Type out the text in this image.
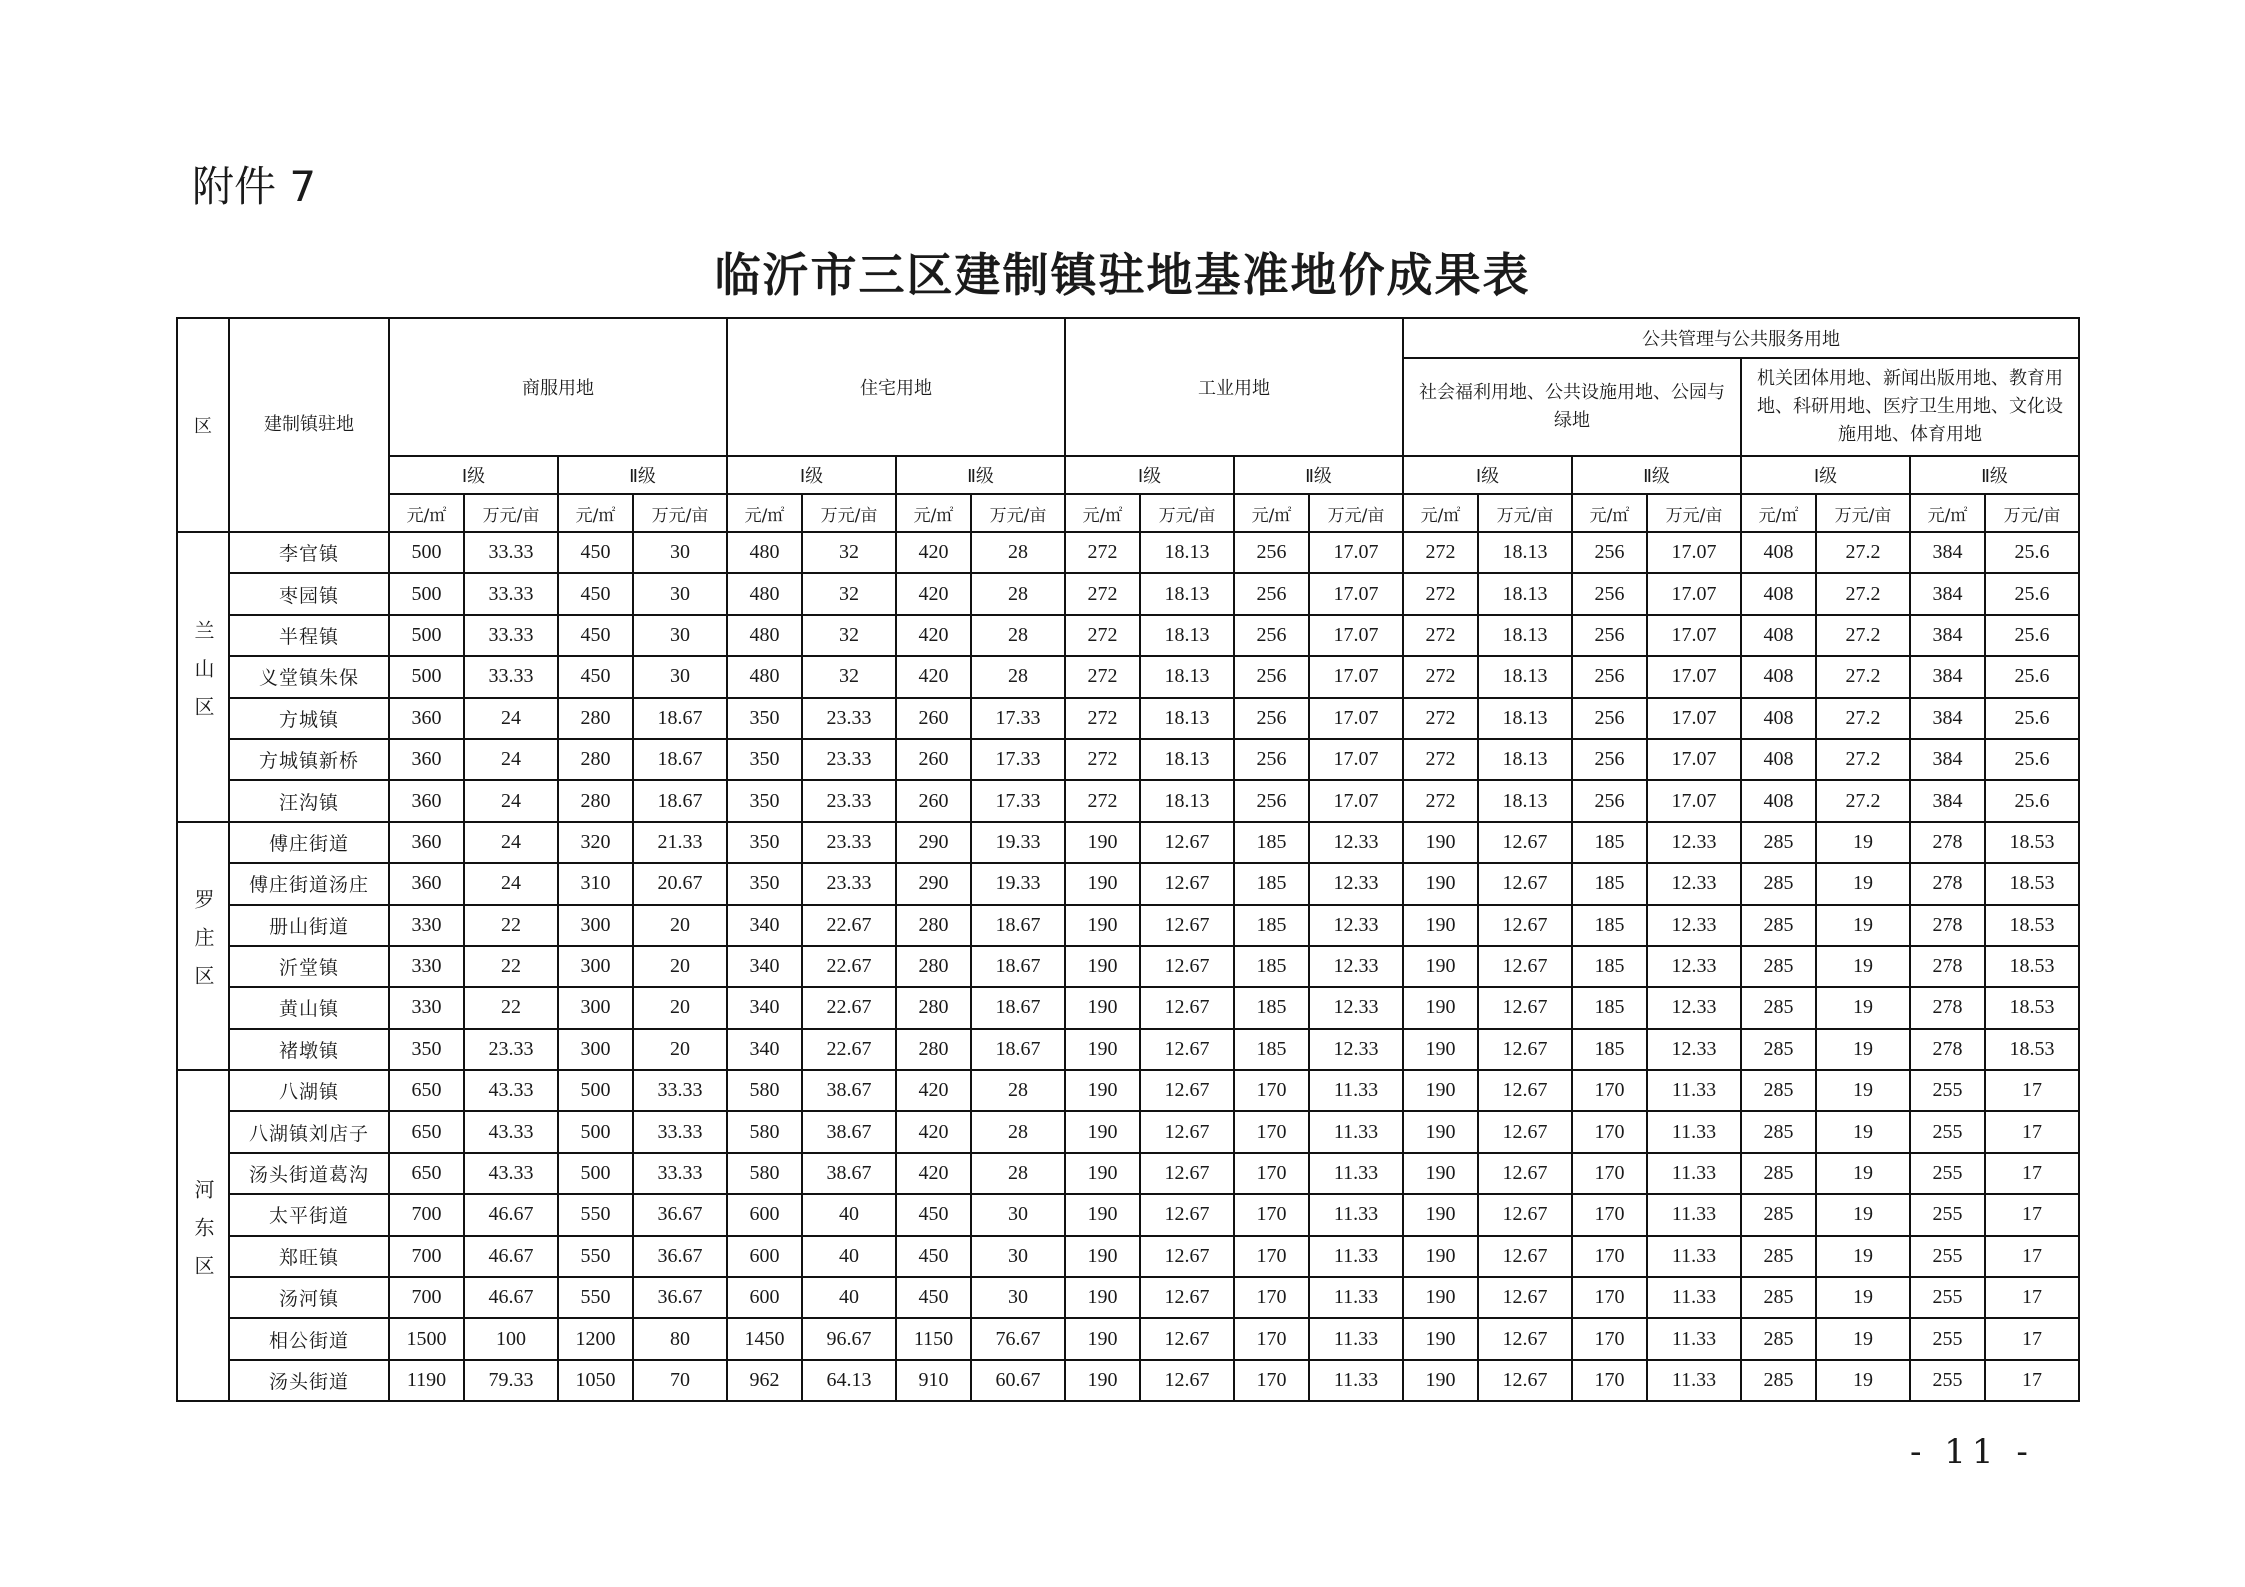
附件 7
临沂市三区建制镇驻地基准地价成果表
区	建制镇驻地	商服用地				住宅用地				工业用地				公共管理与公共服务用地							
														社会福利用地、公共设施用地、公园与绿地				机关团体用地、新闻出版用地、教育用地、科研用地、医疗卫生用地、文化设施用地、体育用地			
		Ⅰ级		Ⅱ级		Ⅰ级		Ⅱ级		Ⅰ级		Ⅱ级		Ⅰ级		Ⅱ级		Ⅰ级		Ⅱ级	
		元/㎡	万元/亩	元/㎡	万元/亩	元/㎡	万元/亩	元/㎡	万元/亩	元/㎡	万元/亩	元/㎡	万元/亩	元/㎡	万元/亩	元/㎡	万元/亩	元/㎡	万元/亩	元/㎡	万元/亩
兰山区	李官镇	500	33.33	450	30	480	32	420	28	272	18.13	256	17.07	272	18.13	256	17.07	408	27.2	384	25.6
	枣园镇	500	33.33	450	30	480	32	420	28	272	18.13	256	17.07	272	18.13	256	17.07	408	27.2	384	25.6
	半程镇	500	33.33	450	30	480	32	420	28	272	18.13	256	17.07	272	18.13	256	17.07	408	27.2	384	25.6
	义堂镇朱保	500	33.33	450	30	480	32	420	28	272	18.13	256	17.07	272	18.13	256	17.07	408	27.2	384	25.6
	方城镇	360	24	280	18.67	350	23.33	260	17.33	272	18.13	256	17.07	272	18.13	256	17.07	408	27.2	384	25.6
	方城镇新桥	360	24	280	18.67	350	23.33	260	17.33	272	18.13	256	17.07	272	18.13	256	17.07	408	27.2	384	25.6
	汪沟镇	360	24	280	18.67	350	23.33	260	17.33	272	18.13	256	17.07	272	18.13	256	17.07	408	27.2	384	25.6
罗庄区	傅庄街道	360	24	320	21.33	350	23.33	290	19.33	190	12.67	185	12.33	190	12.67	185	12.33	285	19	278	18.53
	傅庄街道汤庄	360	24	310	20.67	350	23.33	290	19.33	190	12.67	185	12.33	190	12.67	185	12.33	285	19	278	18.53
	册山街道	330	22	300	20	340	22.67	280	18.67	190	12.67	185	12.33	190	12.67	185	12.33	285	19	278	18.53
	沂堂镇	330	22	300	20	340	22.67	280	18.67	190	12.67	185	12.33	190	12.67	185	12.33	285	19	278	18.53
	黄山镇	330	22	300	20	340	22.67	280	18.67	190	12.67	185	12.33	190	12.67	185	12.33	285	19	278	18.53
	褚墩镇	350	23.33	300	20	340	22.67	280	18.67	190	12.67	185	12.33	190	12.67	185	12.33	285	19	278	18.53
河东区	八湖镇	650	43.33	500	33.33	580	38.67	420	28	190	12.67	170	11.33	190	12.67	170	11.33	285	19	255	17
	八湖镇刘店子	650	43.33	500	33.33	580	38.67	420	28	190	12.67	170	11.33	190	12.67	170	11.33	285	19	255	17
	汤头街道葛沟	650	43.33	500	33.33	580	38.67	420	28	190	12.67	170	11.33	190	12.67	170	11.33	285	19	255	17
	太平街道	700	46.67	550	36.67	600	40	450	30	190	12.67	170	11.33	190	12.67	170	11.33	285	19	255	17
	郑旺镇	700	46.67	550	36.67	600	40	450	30	190	12.67	170	11.33	190	12.67	170	11.33	285	19	255	17
	汤河镇	700	46.67	550	36.67	600	40	450	30	190	12.67	170	11.33	190	12.67	170	11.33	285	19	255	17
	相公街道	1500	100	1200	80	1450	96.67	1150	76.67	190	12.67	170	11.33	190	12.67	170	11.33	285	19	255	17
	汤头街道	1190	79.33	1050	70	962	64.13	910	60.67	190	12.67	170	11.33	190	12.67	170	11.33	285	19	255	17
- 11 -
